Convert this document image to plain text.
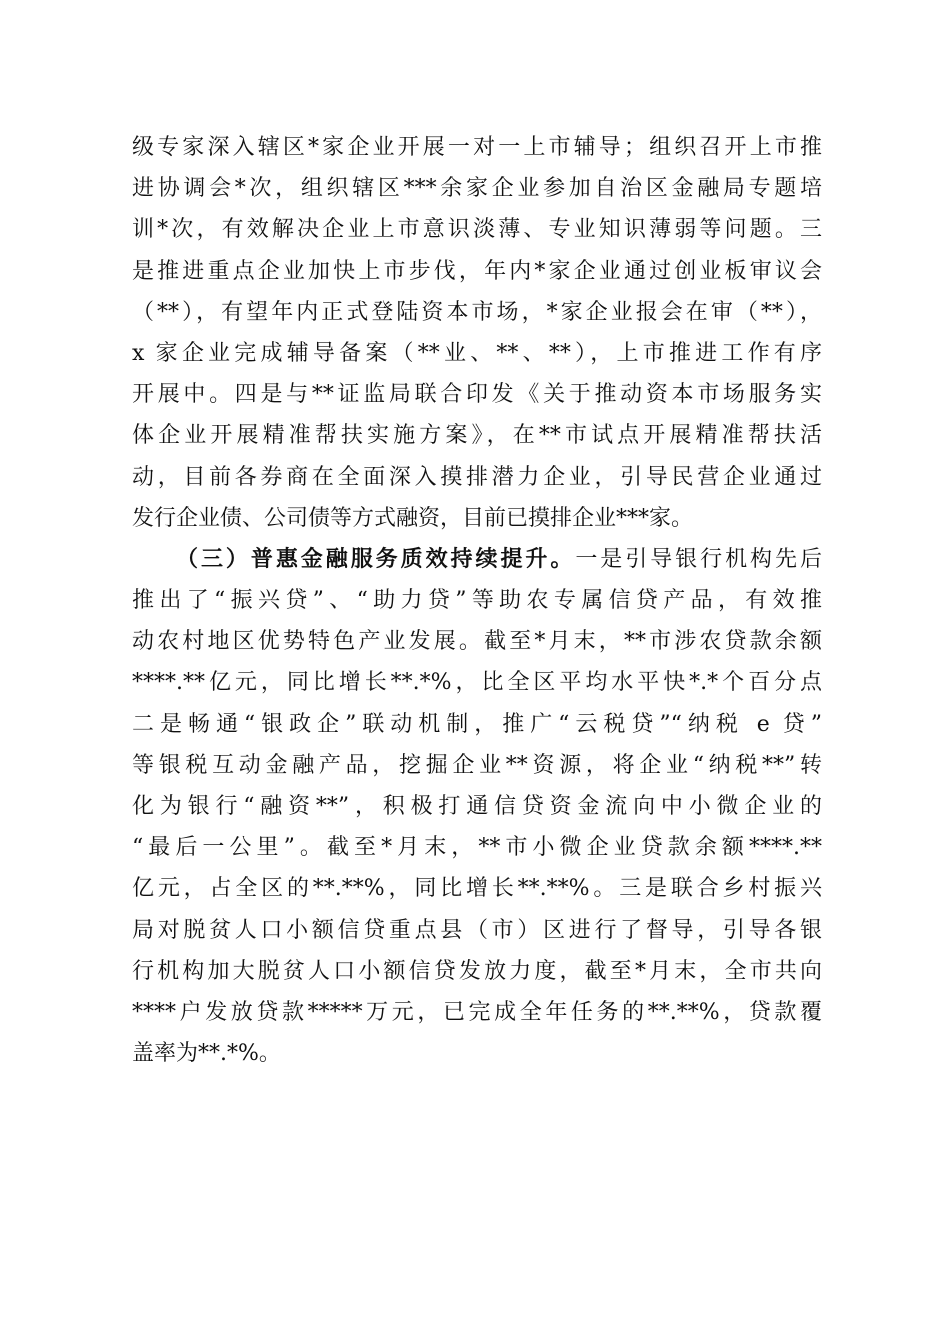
级专家深入辖区*家企业开展一对一上市辅导；组织召开上市推
进协调会*次，组织辖区***余家企业参加自治区金融局专题培
训*次，有效解决企业上市意识淡薄、专业知识薄弱等问题。三
是推进重点企业加快上市步伐，年内*家企业通过创业板审议会
（**），有望年内正式登陆资本市场，*家企业报会在审（**），
x 家企业完成辅导备案（**业、**、**），上市推进工作有序
开展中。四是与**证监局联合印发《关于推动资本市场服务实
体企业开展精准帮扶实施方案》，在**市试点开展精准帮扶活
动，目前各券商在全面深入摸排潜力企业，引导民营企业通过
发行企业债、公司债等方式融资，目前已摸排企业***家。
（三）普惠金融服务质效持续提升。一是引导银行机构先后
推出了“振兴贷”、“助力贷”等助农专属信贷产品，有效推
动农村地区优势特色产业发展。截至*月末，**市涉农贷款余额
****.**亿元，同比增长**.*%，比全区平均水平快*.*个百分点
二是畅通“银政企”联动机制，推广“云税贷”“纳税 e 贷”
等银税互动金融产品，挖掘企业**资源，将企业“纳税**”转
化为银行“融资**”，积极打通信贷资金流向中小微企业的
“最后一公里”。截至*月末，**市小微企业贷款余额****.**
亿元，占全区的**.**%，同比增长**.**%。三是联合乡村振兴
局对脱贫人口小额信贷重点县（市）区进行了督导，引导各银
行机构加大脱贫人口小额信贷发放力度，截至*月末，全市共向
****户发放贷款*****万元，已完成全年任务的**.**%，贷款覆
盖率为**.*%。
